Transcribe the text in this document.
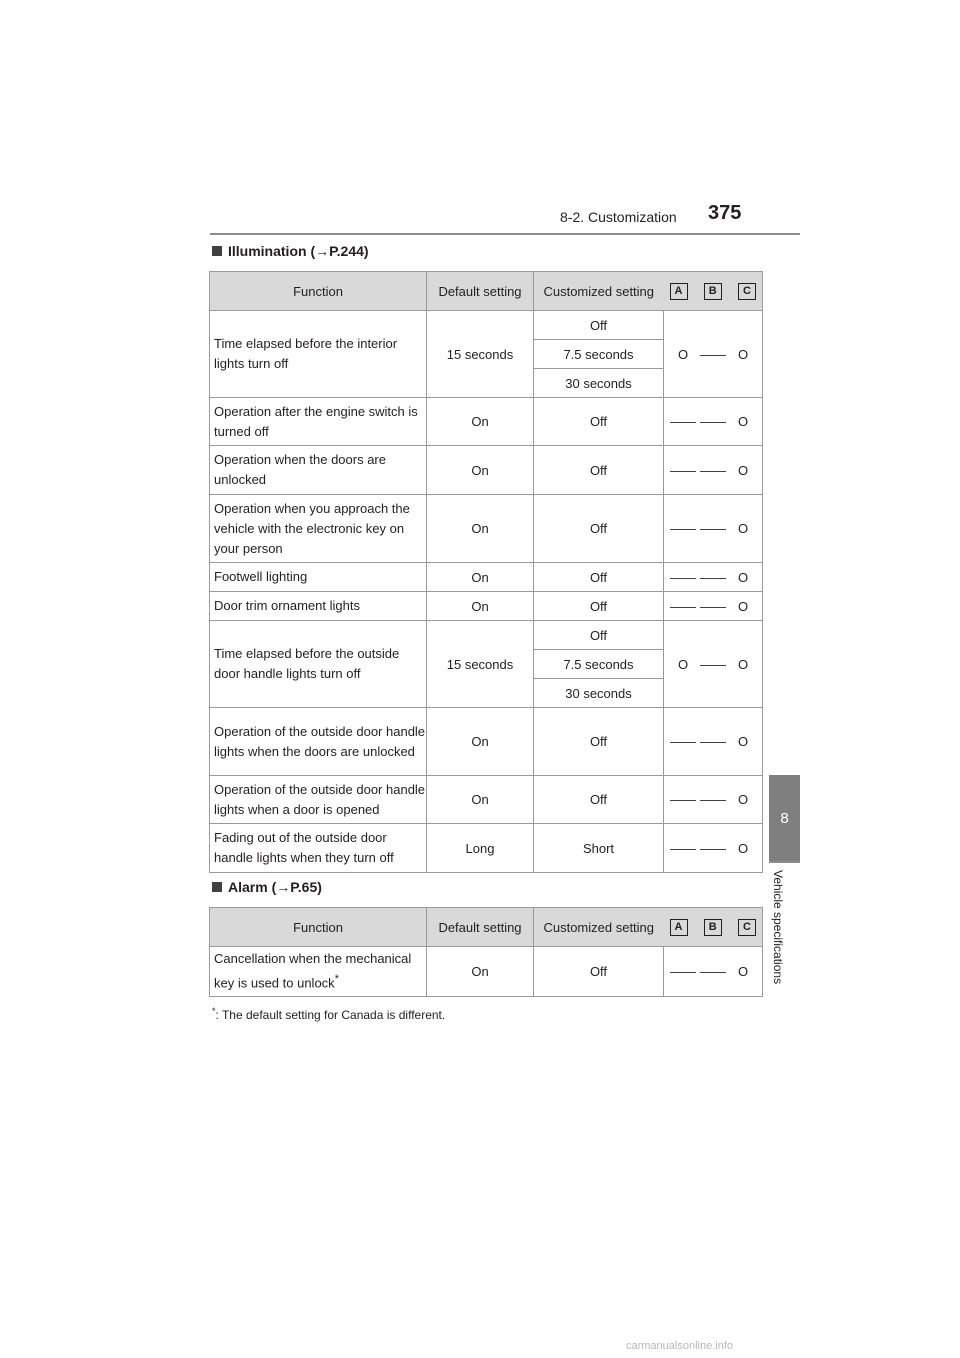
8-2. Customization 375
8
Vehicle specifications
Illumination (→P.244)
Function	Default setting	Customized setting	A B C

Time elapsed before the interior lights turn off	15 seconds	Off	O —— O

		7.5 seconds	
		30 seconds	
Operation after the engine switch is turned off	On	Off	—— —— O

Operation when the doors are unlocked	On	Off	—— —— O

Operation when you approach the vehicle with the electronic key on your person	On	Off	—— —— O

Footwell lighting	On	Off	—— —— O

Door trim ornament lights	On	Off	—— —— O

Time elapsed before the outside door handle lights turn off	15 seconds	Off	O —— O

		7.5 seconds	
		30 seconds	
Operation of the outside door handle lights when the doors are unlocked	On	Off	—— —— O

Operation of the outside door handle lights when a door is opened	On	Off	—— —— O

Fading out of the outside door handle lights when they turn off	Long	Short	—— —— O
Alarm (→P.65)
Function	Default setting	Customized setting	A B C

Cancellation when the mechanical key is used to unlock*	On	Off	—— —— O
*: The default setting for Canada is different.
carmanualsonline.info
